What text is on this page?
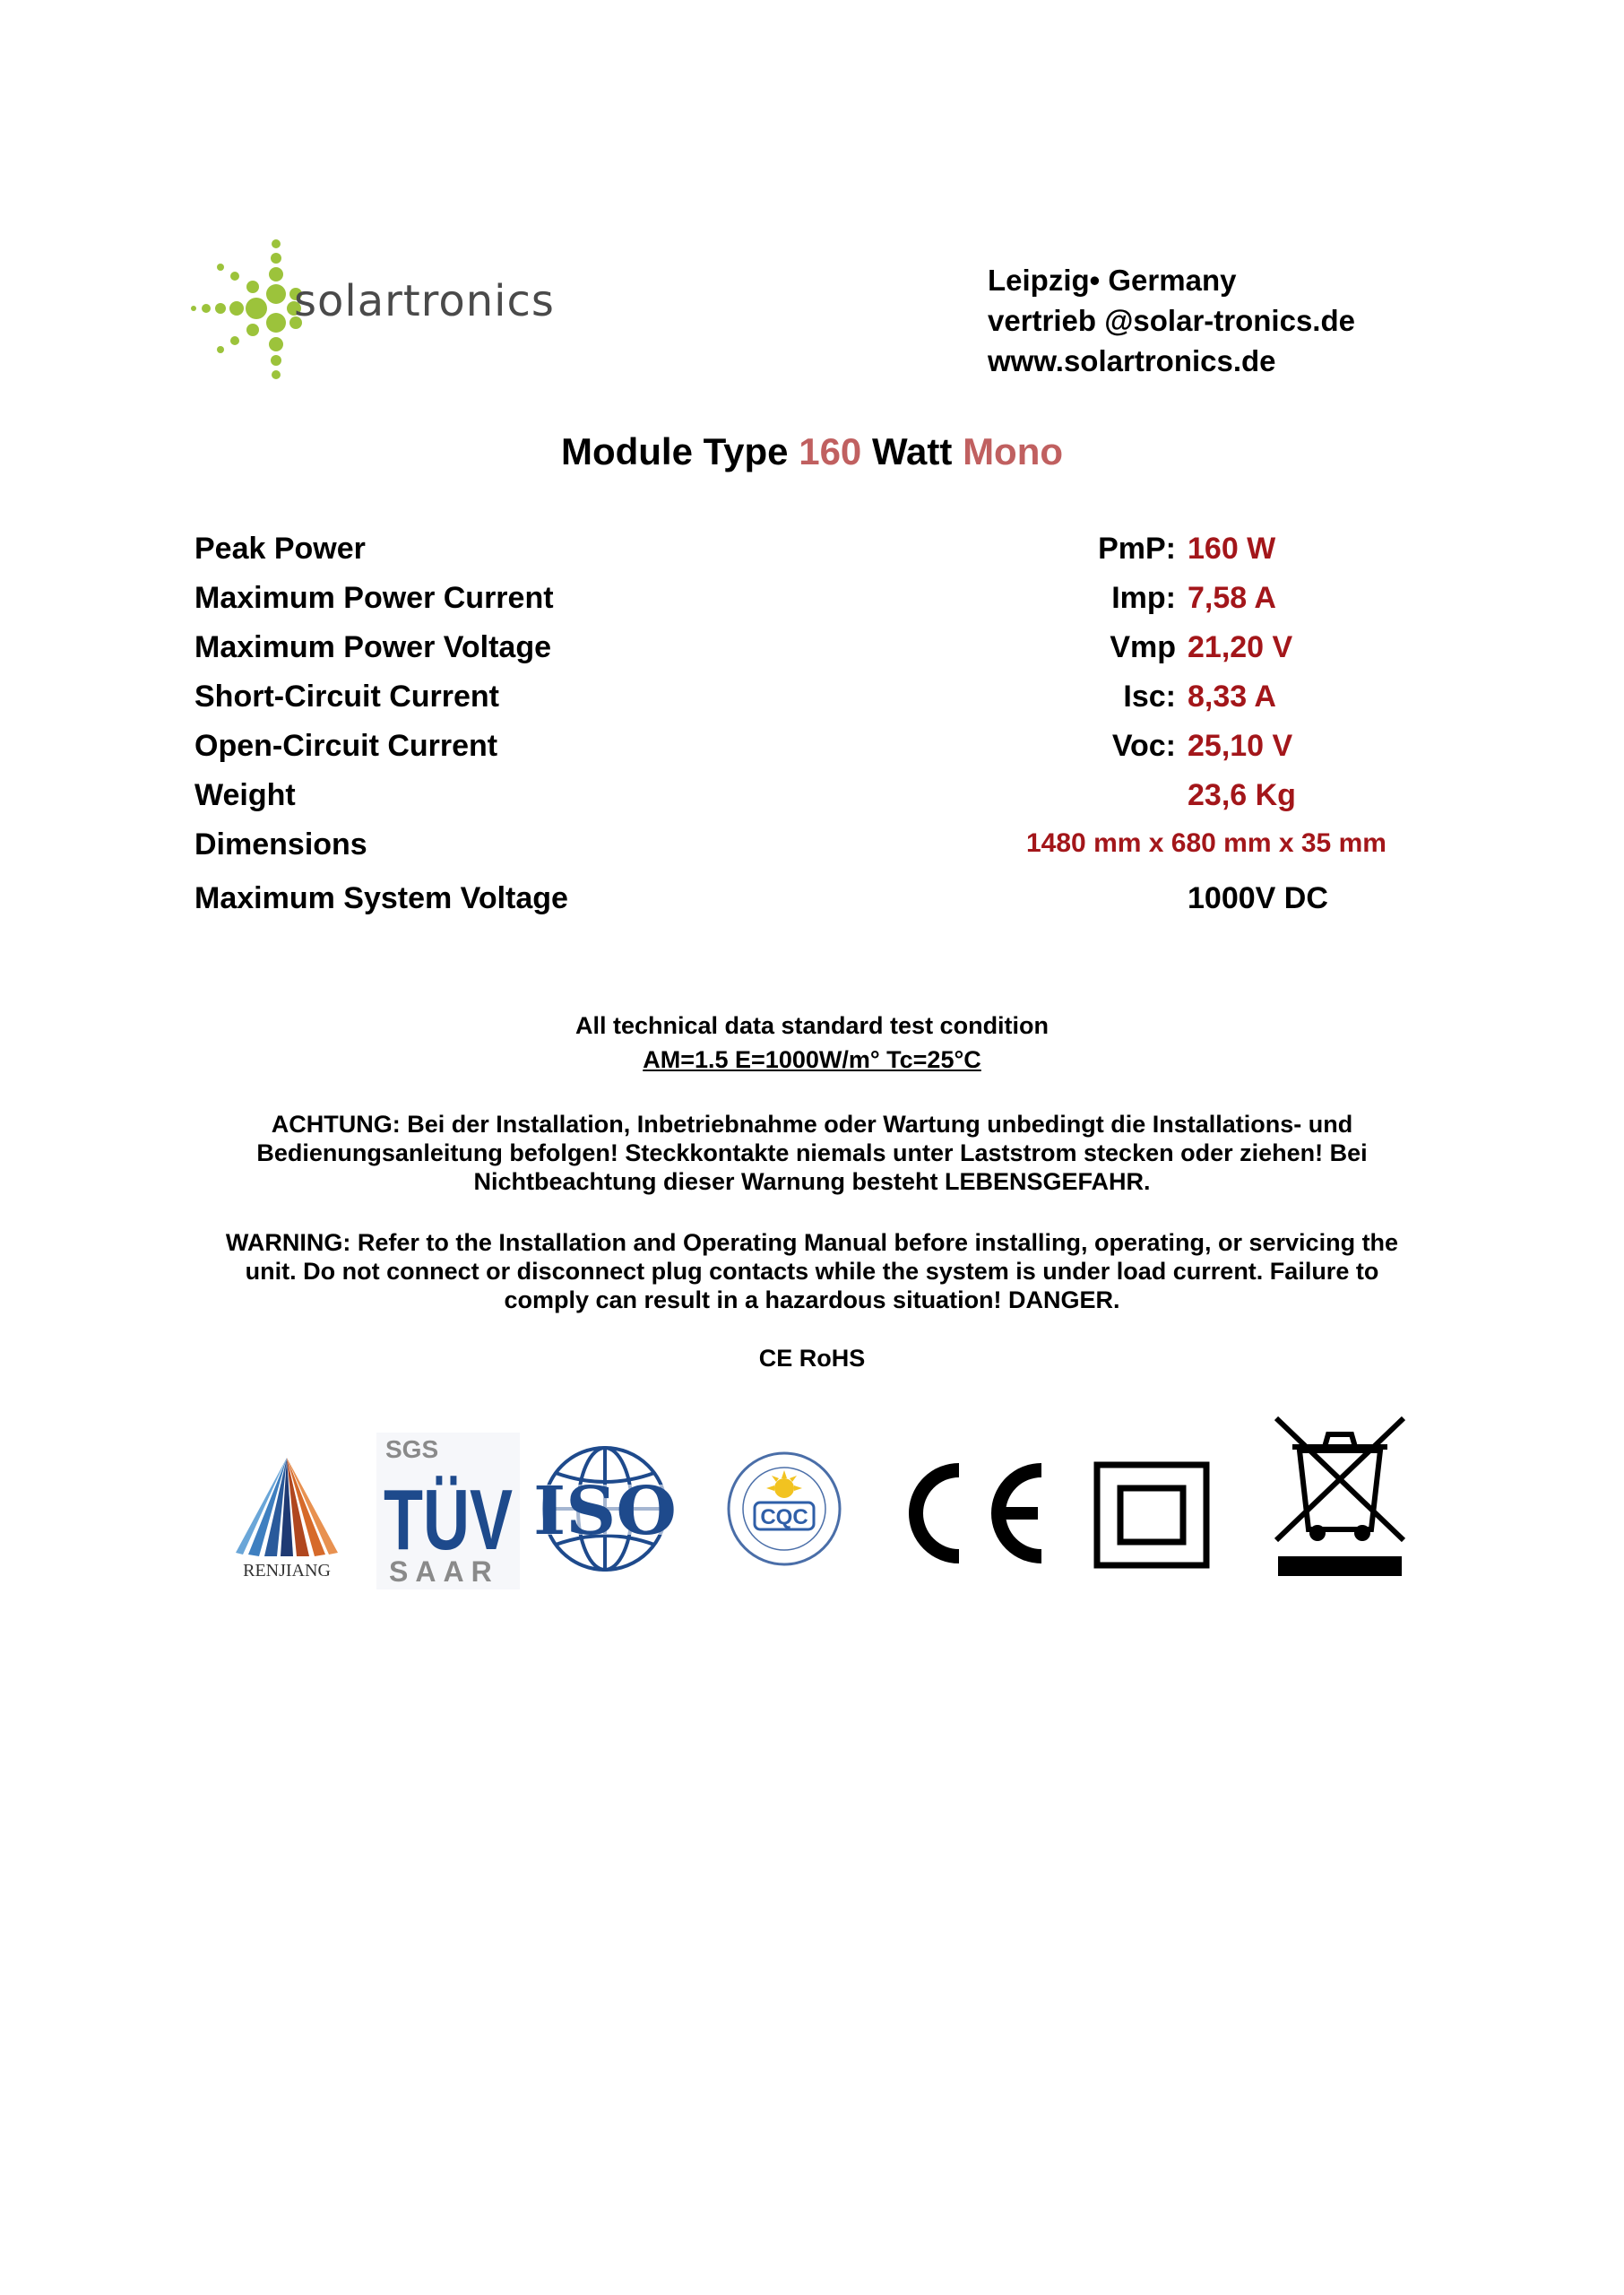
solartronics	Leipzig• Germany
vertrieb @solar-tronics.de
www.solartronics.de
Module Type 160 Watt Mono
Peak Power	PmP: 160 W
Maximum Power Current	Imp: 7,58 A
Maximum Power Voltage	Vmp 21,20 V
Short-Circuit Current	Isc: 8,33 A
Open-Circuit Current	Voc: 25,10 V
Weight	23,6 Kg
Dimensions	1480 mm x 680 mm x 35 mm
Maximum System Voltage	1000V DC
All technical data standard test condition
AM=1.5 E=1000W/m° Tc=25°C
ACHTUNG: Bei der Installation, Inbetriebnahme oder Wartung unbedingt die Installations- und
Bedienungsanleitung befolgen! Steckkontakte niemals unter Laststrom stecken oder ziehen! Bei
Nichtbeachtung dieser Warnung besteht LEBENSGEFAHR.
WARNING: Refer to the Installation and Operating Manual before installing, operating, or servicing the
unit. Do not connect or disconnect plug contacts while the system is under load current. Failure to
comply can result in a hazardous situation! DANGER.
CE RoHS
RENJIANG
SGS
TÜV
SAAR
ISO	CQC
